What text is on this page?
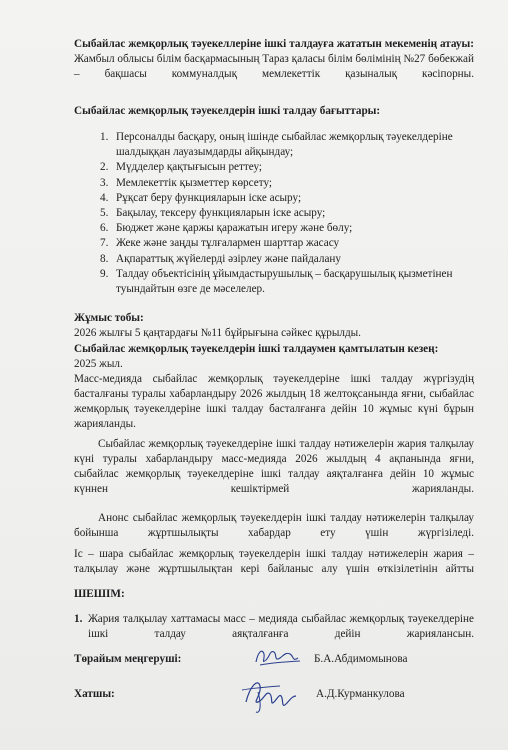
Сыбайлас жемқорлық тәуекеллеріне ішкі талдауға жататын мекеменің атауы: Жамбыл облысы білім басқармасының Тараз қаласы білім бөлімінің №27 бөбекжай – бақшасы коммуналдық мемлекеттік қазыналық кәсіпорны.
Сыбайлас жемқорлық тәуекелдерін ішкі талдау бағыттары:
1. Персоналды басқару, оның ішінде сыбайлас жемқорлық тәуекелдеріне шалдыққан лауазымдарды айқындау;
2. Мүдделер қақтығысын реттеу;
3. Мемлекеттік қызметтер көрсету;
4. Рұқсат беру функцияларын іске асыру;
5. Бақылау, тексеру функцияларын іске асыру;
6. Бюджет және қаржы қаражатын игеру және бөлу;
7. Жеке және заңды тұлғалармен шарттар жасасу
8. Ақпараттық жүйелерді әзірлеу және пайдалану
9. Талдау объектісінің ұйымдастырушылық – басқарушылық қызметінен туындайтын өзге де мәселелер.
Жұмыс тобы:
2026 жылғы 5 қаңтардағы №11 бұйрығына сәйкес құрылды.
Сыбайлас жемқорлық тәуекелдерін ішкі талдаумен қамтылатын кезең:
2025 жыл.
Масс-медияда сыбайлас жемқорлық тәуекелдеріне ішкі талдау жүргізудің басталғаны туралы хабарландыру 2026 жылдың 18 желтоқсанында яғни, сыбайлас жемқорлық тәуекелдеріне ішкі талдау басталғанға дейін 10 жұмыс күні бұрын жарияланды.
Сыбайлас жемқорлық тәуекелдеріне ішкі талдау нәтижелерін жария талқылау күні туралы хабарландыру масс-медияда 2026 жылдың 4 ақпанында яғни, сыбайлас жемқорлық тәуекелдеріне ішкі талдау аяқталғанға дейін 10 жұмыс күннен кешіктірмей жарияланды.
Анонс сыбайлас жемқорлық тәуекелдерін ішкі талдау нәтижелерін талқылау бойынша жұртшылықты хабардар ету үшін жүргізіледі.
Іс – шара сыбайлас жемқорлық тәуекелдерін ішкі талдау нәтижелерін жария – талқылау және жұртшылықтан кері байланыс алу үшін өткізілетінін айтты
ШЕШІМ:
1. Жария талқылау хаттамасы масс – медияда сыбайлас жемқорлық тәуекелдеріне ішкі талдау аяқталғанға дейін жариялансын.
Төрайым меңгеруші:	Б.А.Абдимомынова
Хатшы:	А.Д.Курманкулова
